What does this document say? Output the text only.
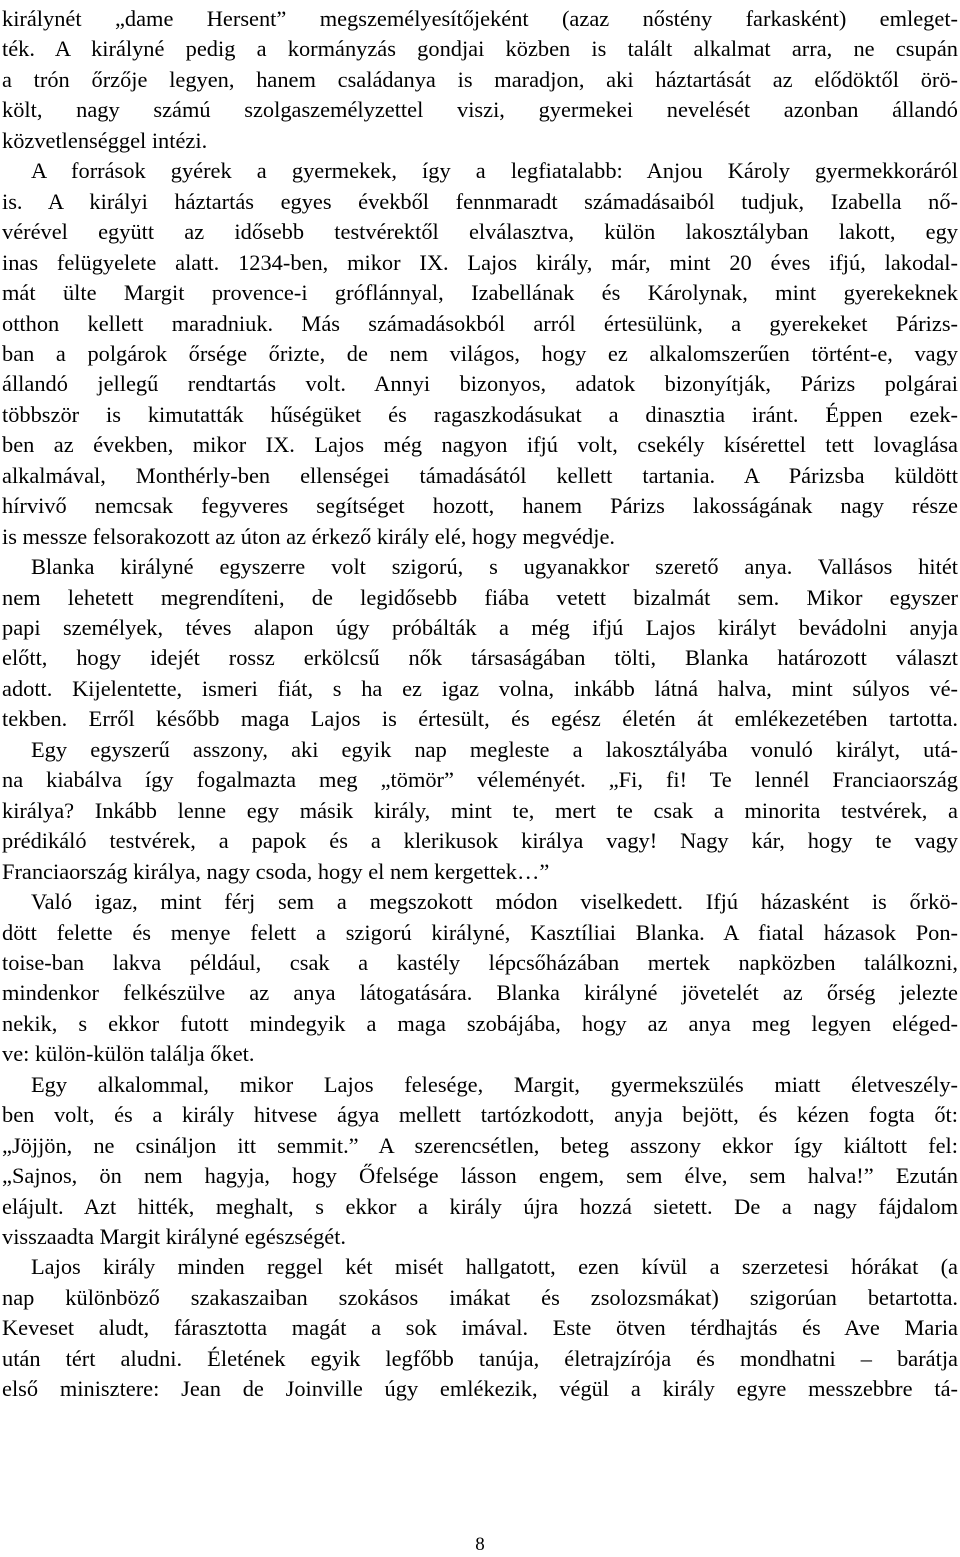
királynét „dame Hersent” megszemélyesítőjeként (azaz nőstény farkasként) emleget-
ték. A királyné pedig a kormányzás gondjai közben is talált alkalmat arra, ne csupán
a trón őrzője legyen, hanem családanya is maradjon, aki háztartását az elődöktől örö-
költ, nagy számú szolgaszemélyzettel viszi, gyermekei nevelését azonban állandó
közvetlenséggel intézi.
A források gyérek a gyermekek, így a legfiatalabb: Anjou Károly gyermekkoráról
is. A királyi háztartás egyes évekből fennmaradt számadásaiból tudjuk, Izabella nő-
vérével együtt az idősebb testvérektől elválasztva, külön lakosztályban lakott, egy
inas felügyelete alatt. 1234-ben, mikor IX. Lajos király, már, mint 20 éves ifjú, lakodal-
mát ülte Margit provence-i gróflánnyal, Izabellának és Károlynak, mint gyerekeknek
otthon kellett maradniuk. Más számadásokból arról értesülünk, a gyerekeket Párizs-
ban a polgárok őrsége őrizte, de nem világos, hogy ez alkalomszerűen történt-e, vagy
állandó jellegű rendtartás volt. Annyi bizonyos, adatok bizonyítják, Párizs polgárai
többször is kimutatták hűségüket és ragaszkodásukat a dinasztia iránt. Éppen ezek-
ben az években, mikor IX. Lajos még nagyon ifjú volt, csekély kísérettel tett lovaglása
alkalmával, Monthérly-ben ellenségei támadásától kellett tartania. A Párizsba küldött
hírvivő nemcsak fegyveres segítséget hozott, hanem Párizs lakosságának nagy része
is messze felsorakozott az úton az érkező király elé, hogy megvédje.
Blanka királyné egyszerre volt szigorú, s ugyanakkor szerető anya. Vallásos hitét
nem lehetett megrendíteni, de legidősebb fiába vetett bizalmát sem. Mikor egyszer
papi személyek, téves alapon úgy próbálták a még ifjú Lajos királyt bevádolni anyja
előtt, hogy idejét rossz erkölcsű nők társaságában tölti, Blanka határozott választ
adott. Kijelentette, ismeri fiát, s ha ez igaz volna, inkább látná halva, mint súlyos vé-
tekben. Erről később maga Lajos is értesült, és egész életén át emlékezetében tartotta.
Egy egyszerű asszony, aki egyik nap megleste a lakosztályába vonuló királyt, utá-
na kiabálva így fogalmazta meg „tömör” véleményét. „Fi, fi! Te lennél Franciaország
királya? Inkább lenne egy másik király, mint te, mert te csak a minorita testvérek, a
prédikáló testvérek, a papok és a klerikusok királya vagy! Nagy kár, hogy te vagy
Franciaország királya, nagy csoda, hogy el nem kergettek…”
Való igaz, mint férj sem a megszokott módon viselkedett. Ifjú házasként is őrkö-
dött felette és menye felett a szigorú királyné, Kasztíliai Blanka. A fiatal házasok Pon-
toise-ban lakva például, csak a kastély lépcsőházában mertek napközben találkozni,
mindenkor felkészülve az anya látogatására. Blanka királyné jövetelét az őrség jelezte
nekik, s ekkor futott mindegyik a maga szobájába, hogy az anya meg legyen eléged-
ve: külön-külön találja őket.
Egy alkalommal, mikor Lajos felesége, Margit, gyermekszülés miatt életveszély-
ben volt, és a király hitvese ágya mellett tartózkodott, anyja bejött, és kézen fogta őt:
„Jöjjön, ne csináljon itt semmit.” A szerencsétlen, beteg asszony ekkor így kiáltott fel:
„Sajnos, ön nem hagyja, hogy Őfelsége lásson engem, sem élve, sem halva!” Ezután
elájult. Azt hitték, meghalt, s ekkor a király újra hozzá sietett. De a nagy fájdalom
visszaadta Margit királyné egészségét.
Lajos király minden reggel két misét hallgatott, ezen kívül a szerzetesi hórákat (a
nap különböző szakaszaiban szokásos imákat és zsolozsmákat) szigorúan betartotta.
Keveset aludt, fárasztotta magát a sok imával. Este ötven térdhajtás és Ave Maria
után tért aludni. Életének egyik legfőbb tanúja, életrajzírója és mondhatni – barátja
első minisztere: Jean de Joinville úgy emlékezik, végül a király egyre messzebbre tá-
8
